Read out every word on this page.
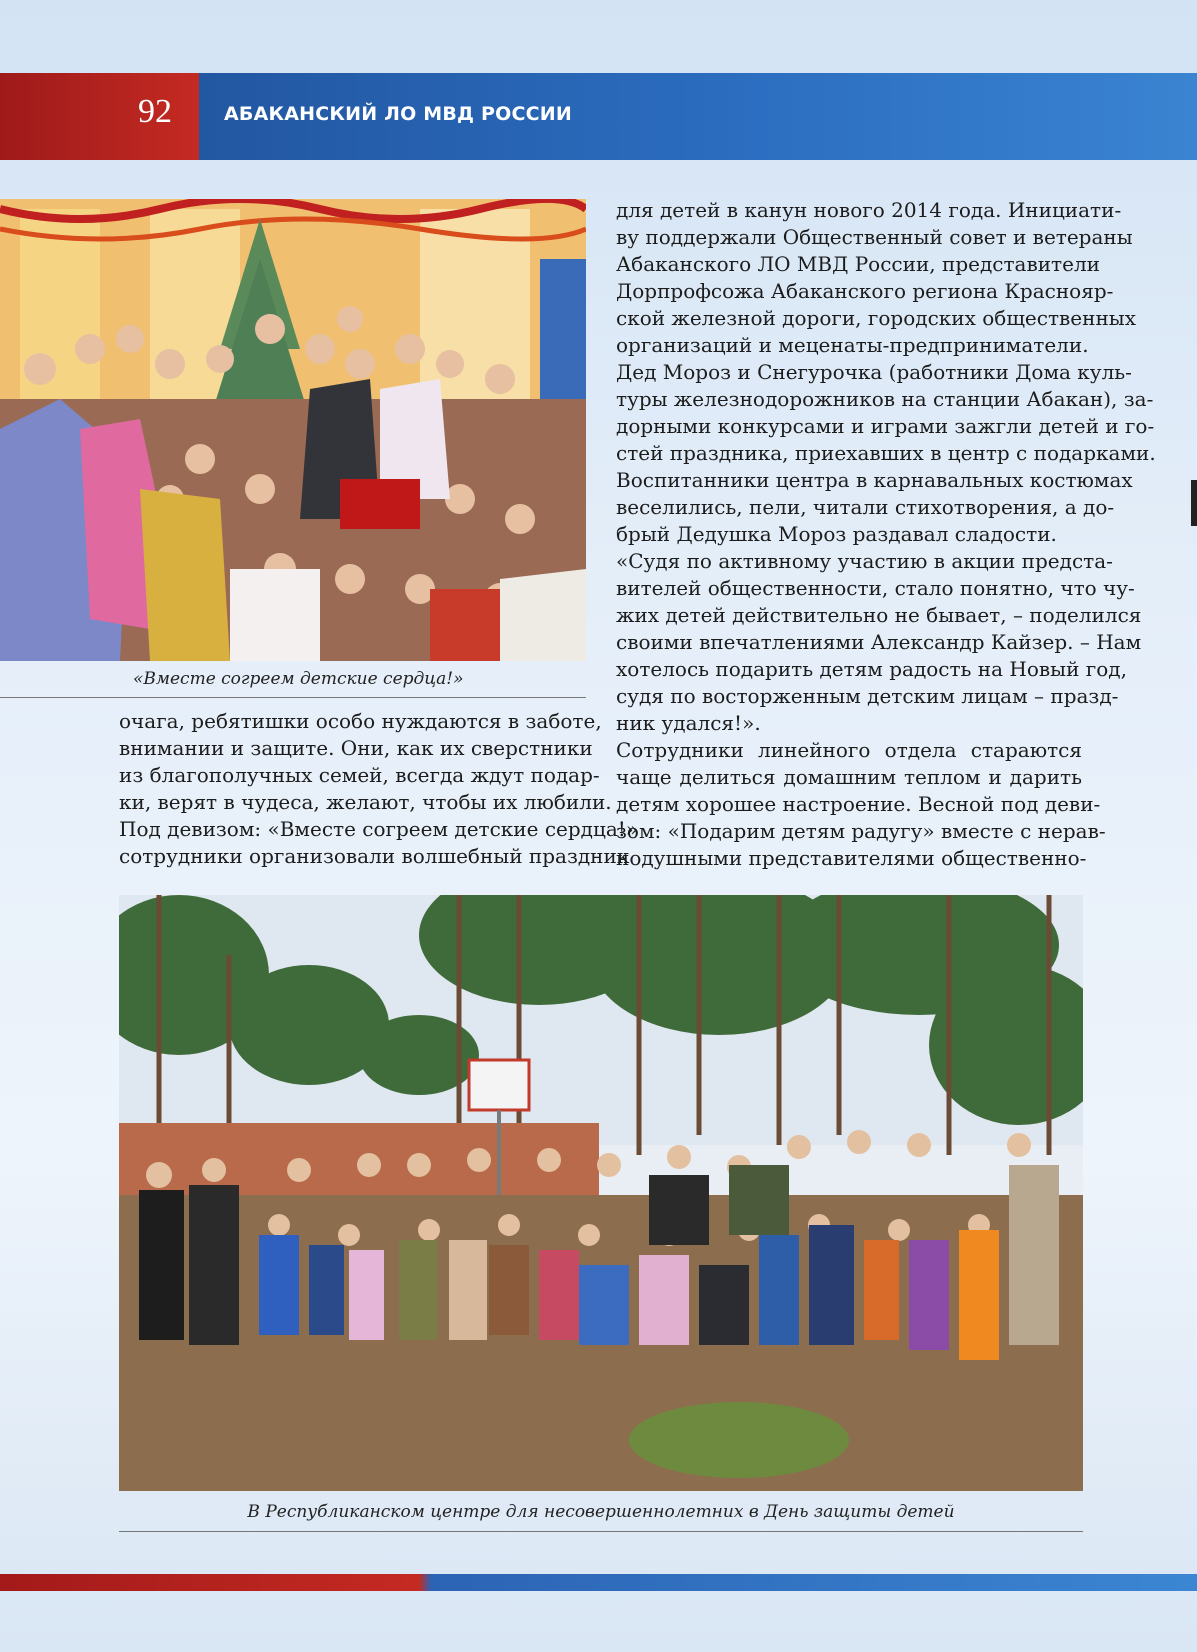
92	АБАКАНСКИЙ ЛО МВД РОССИИ
«Вместе согреем детские сердца!»
для детей в канун нового 2014 года. Инициати-
ву поддержали Общественный совет и ветераны
Абаканского ЛО МВД России, представители
Дорпрофсожа Абаканского региона Краснояр-
ской железной дороги, городских общественных
организаций и меценаты-предприниматели.
Дед Мороз и Снегурочка (работники Дома куль-
туры железнодорожников на станции Абакан), за-
дорными конкурсами и играми зажгли детей и го-
стей праздника, приехавших в центр с подарками.
Воспитанники центра в карнавальных костюмах
веселились, пели, читали стихотворения, а до-
брый Дедушка Мороз раздавал сладости.
«Судя по активному участию в акции предста-
вителей общественности, стало понятно, что чу-
жих детей действительно не бывает, – поделился
своими впечатлениями Александр Кайзер. – Нам
хотелось подарить детям радость на Новый год,
судя по восторженным детским лицам – празд-
ник удался!».
Сотрудники линейного отдела стараются
чаще делиться домашним теплом и дарить
детям хорошее настроение. Весной под деви-
зом: «Подарим детям радугу» вместе с нерав-
нодушными представителями общественно-
очага, ребятишки особо нуждаются в заботе,
внимании и защите. Они, как их сверстники
из благополучных семей, всегда ждут подар-
ки, верят в чудеса, желают, чтобы их любили.
Под девизом: «Вместе согреем детские сердца!»
сотрудники организовали волшебный праздник
В Республиканском центре для несовершеннолетних в День защиты детей
